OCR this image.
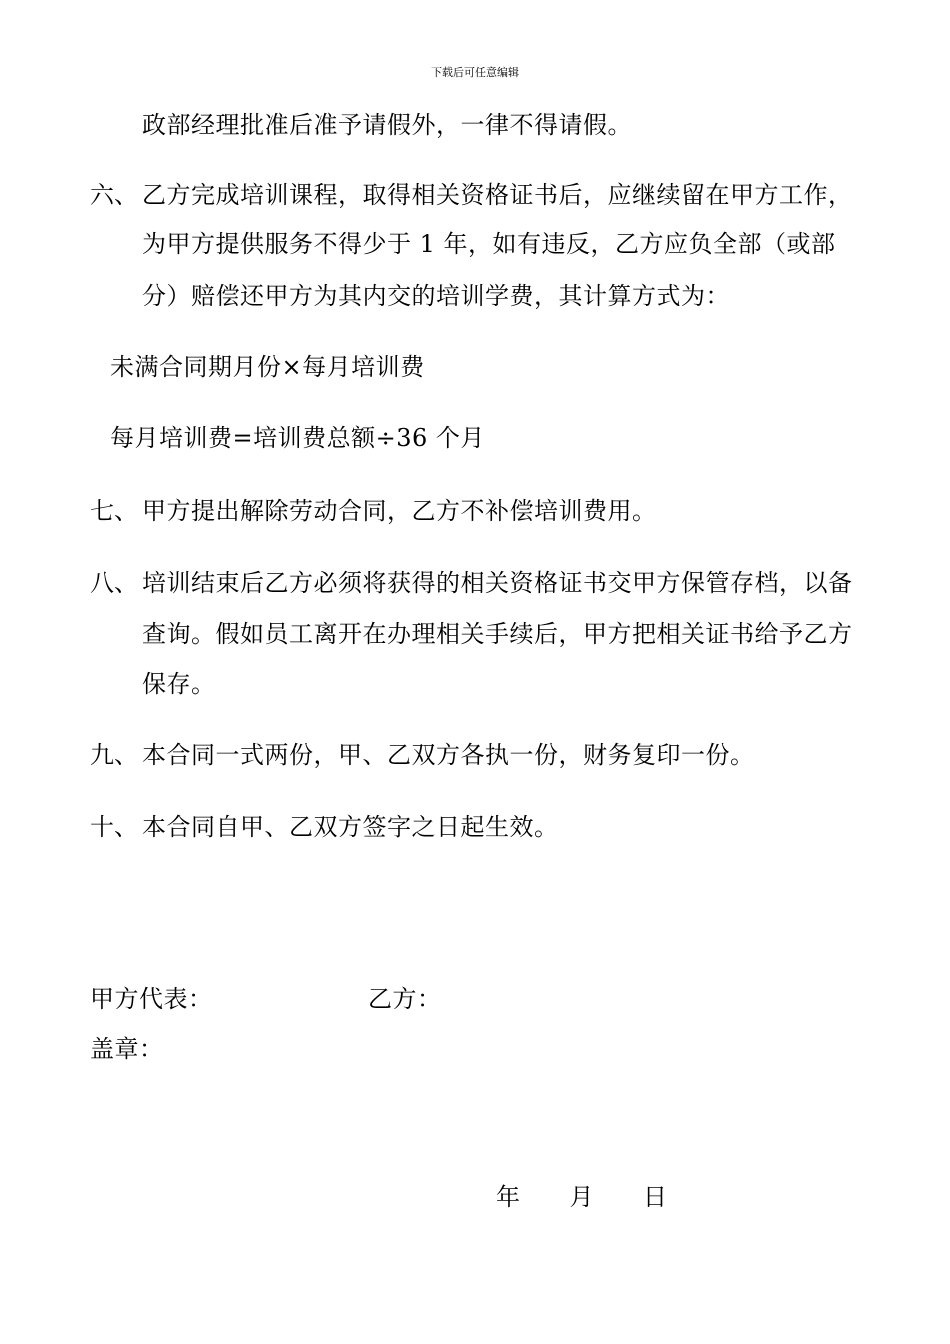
下载后可任意编辑
政部经理批准后准予请假外，一律不得请假。
六、 乙方完成培训课程，取得相关资格证书后，应继续留在甲方工作，
为甲方提供服务不得少于 1 年，如有违反，乙方应负全部（或部
分）赔偿还甲方为其内交的培训学费，其计算方式为：
未满合同期月份×每月培训费
每月培训费=培训费总额÷36 个月
七、 甲方提出解除劳动合同，乙方不补偿培训费用。
八、 培训结束后乙方必须将获得的相关资格证书交甲方保管存档，以备
查询。假如员工离开在办理相关手续后，甲方把相关证书给予乙方
保存。
九、 本合同一式两份，甲、乙双方各执一份，财务复印一份。
十、 本合同自甲、乙双方签字之日起生效。
甲方代表：	乙方：
盖章：
年　　月　　日
